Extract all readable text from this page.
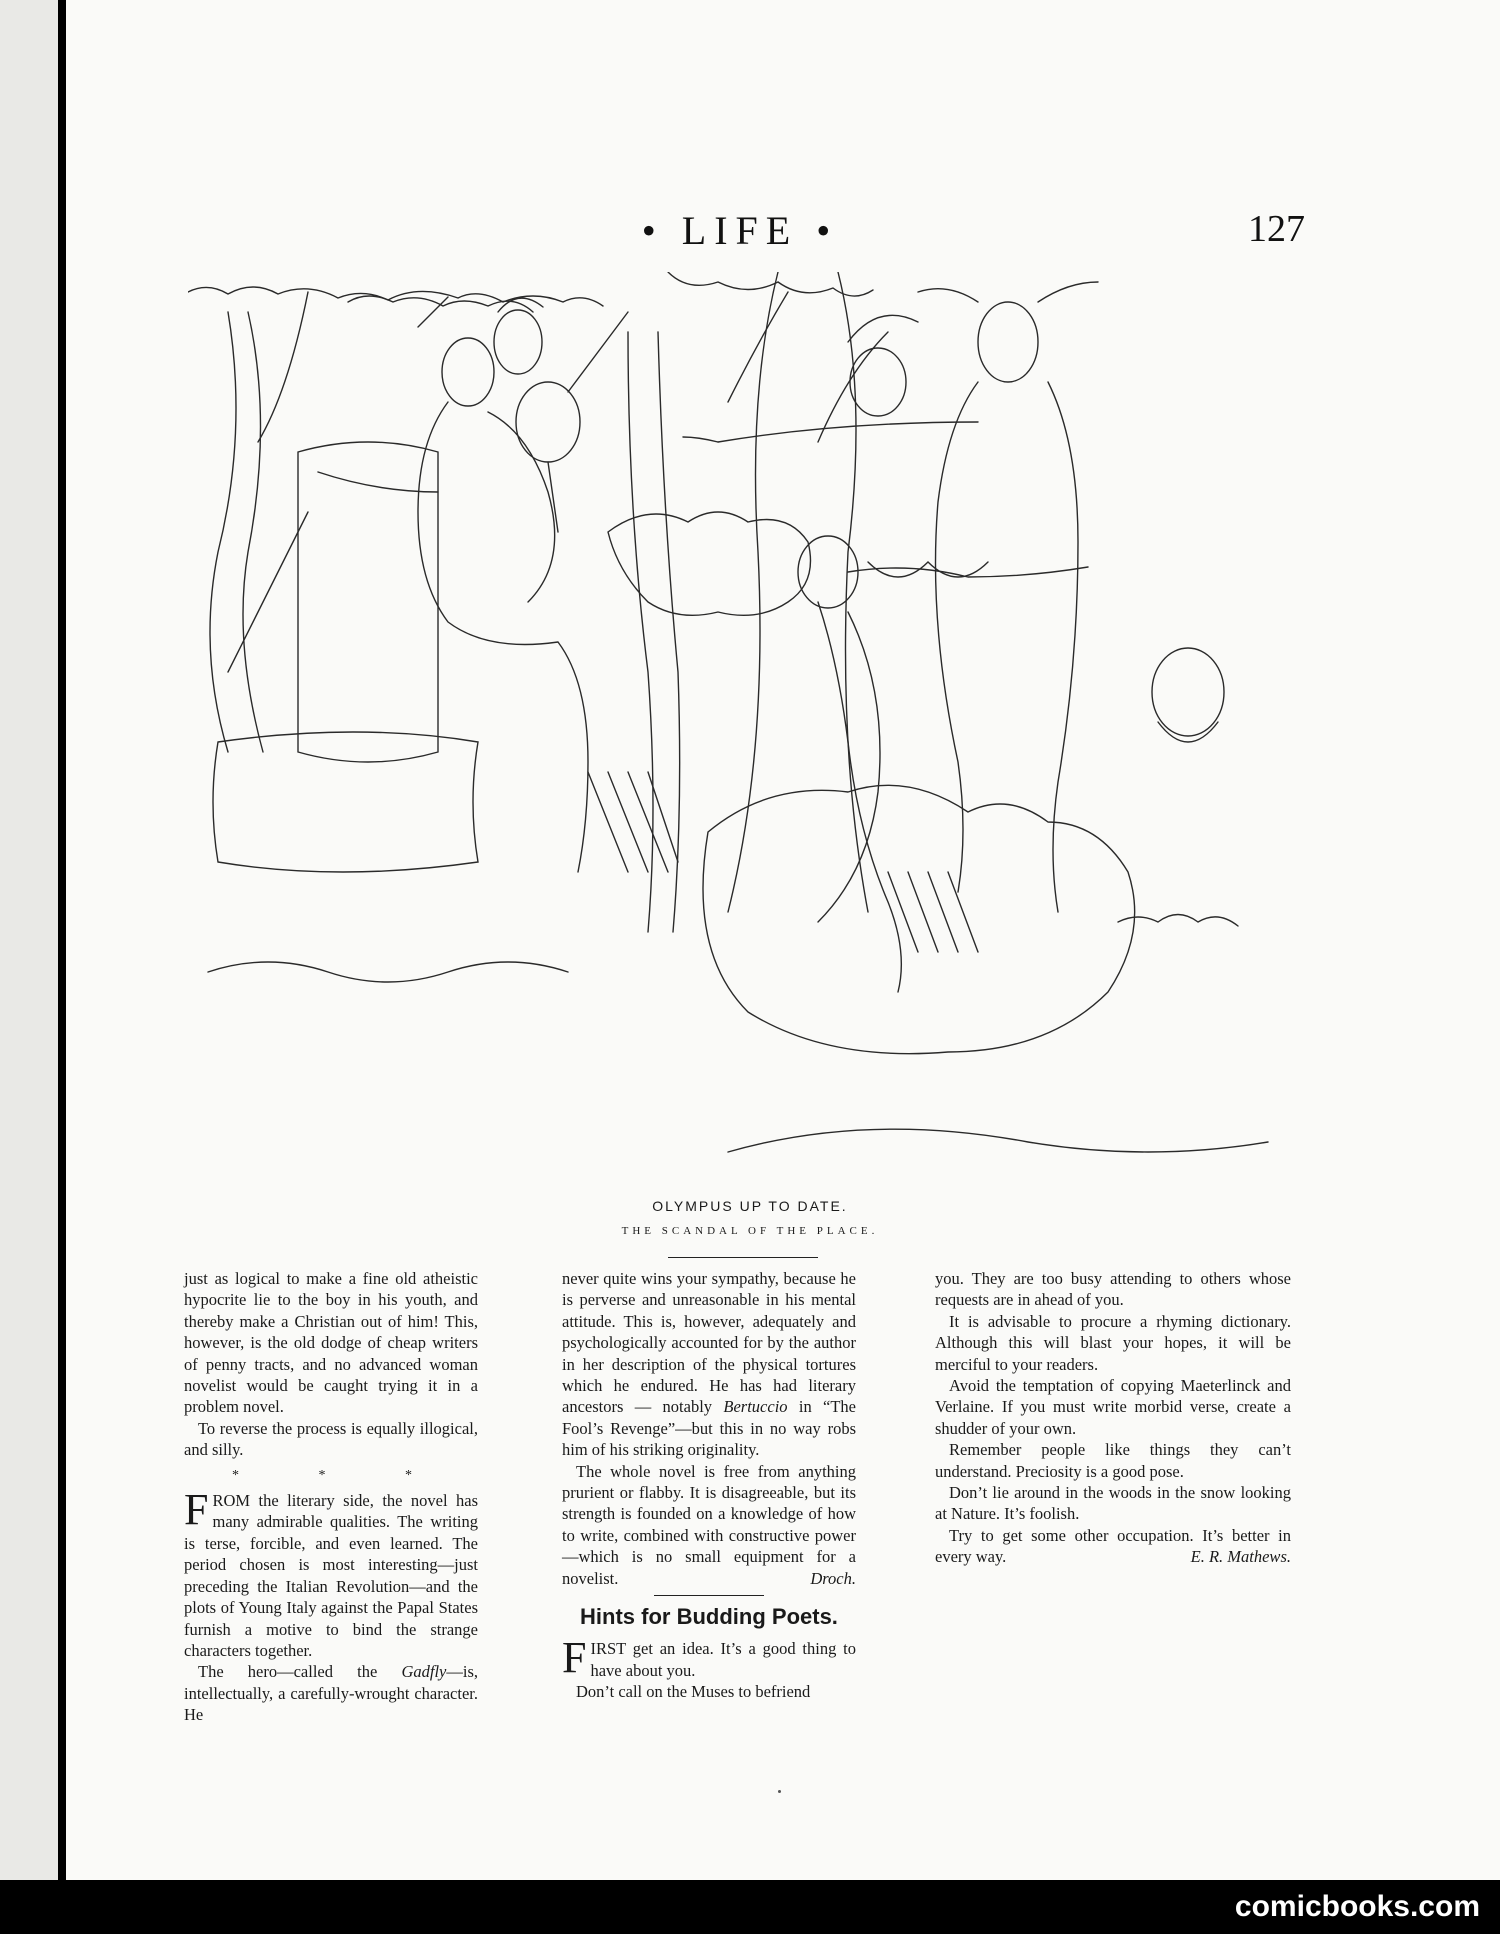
• LIFE •	127
OLYMPUS UP TO DATE.
THE SCANDAL OF THE PLACE.

just as logical to make a fine old atheistic hypocrite lie to the boy in his youth, and thereby make a Christian out of him! This, however, is the old dodge of cheap writers of penny tracts, and no advanced woman novelist would be caught trying it in a problem novel.

To reverse the process is equally illogical, and silly.

* * *

FROM the literary side, the novel has many admirable qualities. The writing is terse, forcible, and even learned. The period chosen is most interesting—just preceding the Italian Revolution—and the plots of Young Italy against the Papal States furnish a motive to bind the strange characters together.

The hero—called the Gadfly—is, intellectually, a carefully-wrought character. He

never quite wins your sympathy, because he is perverse and unreasonable in his mental attitude. This is, however, adequately and psychologically accounted for by the author in her description of the physical tortures which he endured. He has had literary ancestors — notably Bertuccio in “The Fool’s Revenge”—but this in no way robs him of his striking originality.

The whole novel is free from anything prurient or flabby. It is disagreeable, but its strength is founded on a knowledge of how to write, combined with constructive power—which is no small equipment for a novelist.	Droch.

Hints for Budding Poets.

FIRST get an idea. It’s a good thing to have about you.

Don’t call on the Muses to befriend

you. They are too busy attending to others whose requests are in ahead of you.

It is advisable to procure a rhyming dictionary. Although this will blast your hopes, it will be merciful to your readers.

Avoid the temptation of copying Maeterlinck and Verlaine. If you must write morbid verse, create a shudder of your own.

Remember people like things they can’t understand. Preciosity is a good pose.

Don’t lie around in the woods in the snow looking at Nature. It’s foolish.

Try to get some other occupation. It’s better in every way.	E. R. Mathews.

comicbooks.com
